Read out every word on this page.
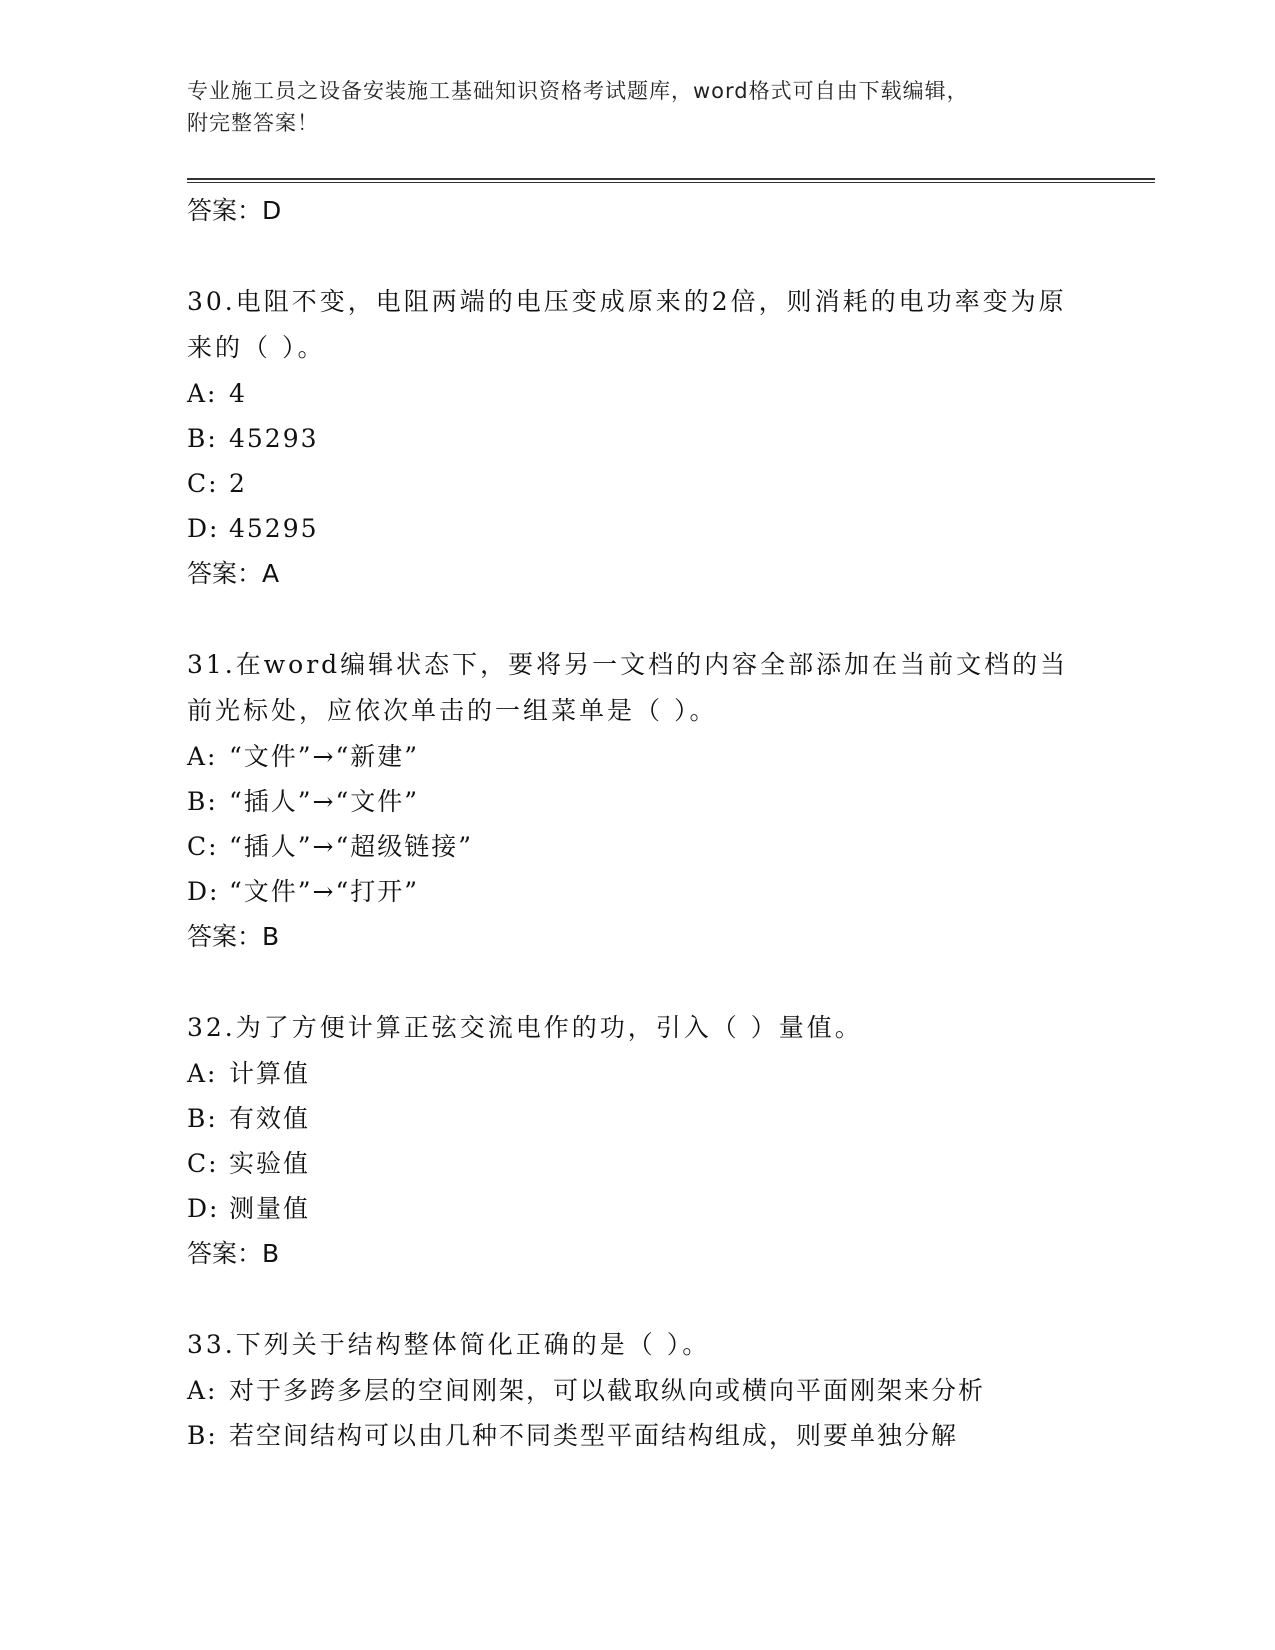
专业施工员之设备安装施工基础知识资格考试题库，word格式可自由下载编辑，
附完整答案！

答案：D

30.电阻不变，电阻两端的电压变成原来的2倍，则消耗的电功率变为原来的（ ）。

A: 4

B: 45293

C: 2

D: 45295

答案：A

31.在word编辑状态下，要将另一文档的内容全部添加在当前文档的当前光标处，应依次单击的一组菜单是（ ）。

A: “文件”→“新建”

B: “插人”→“文件”

C: “插人”→“超级链接”

D: “文件”→“打开”

答案：B

32.为了方便计算正弦交流电作的功，引入（ ）量值。

A: 计算值

B: 有效值

C: 实验值

D: 测量值

答案：B

33.下列关于结构整体简化正确的是（ ）。

A: 对于多跨多层的空间刚架，可以截取纵向或横向平面刚架来分析

B: 若空间结构可以由几种不同类型平面结构组成，则要单独分解
